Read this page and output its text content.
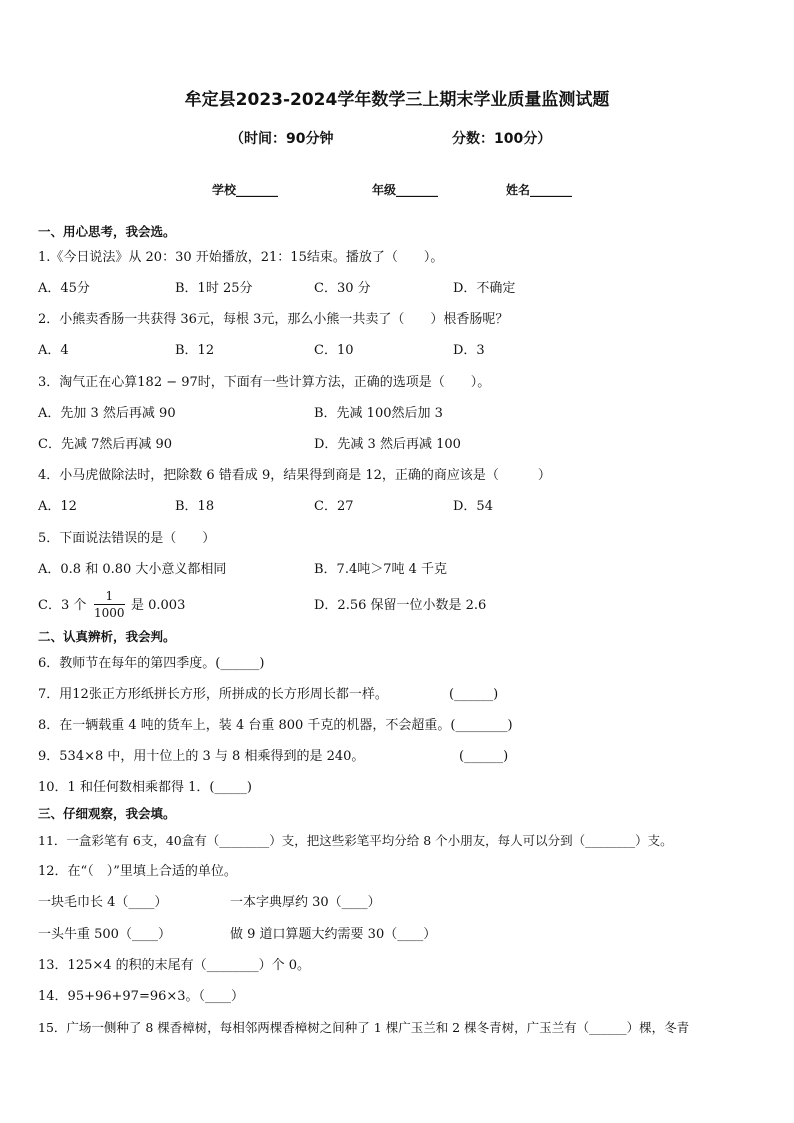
牟定县2023-2024学年数学三上期末学业质量监测试题
（时间：90分钟	分数：100分）
学校_______	年级_______	姓名_______
一、用心思考，我会选。
1.《今日说法》从 20：30 开始播放，21：15结束。播放了（　　）。
A．45分	B．1时 25分	C．30 分	D．不确定
2．小熊卖香肠一共获得 36元，每根 3元，那么小熊一共卖了（　　）根香肠呢？
A．4	B．12	C．10	D．3
3．淘气正在心算182 − 97时，下面有一些计算方法，正确的选项是（　　）。
A．先加 3 然后再减 90	B．先减 100然后加 3
C．先减 7然后再减 90	D．先减 3 然后再减 100
4．小马虎做除法时，把除数 6 错看成 9，结果得到商是 12，正确的商应该是（　　　）
A．12	B．18	C．27	D．54
5．下面说法错误的是（　　）
A．0.8 和 0.80 大小意义都相同	B．7.4吨＞7吨 4 千克
C．3 个
1
1000 是 0.003	D．2.56 保留一位小数是 2.6
二、认真辨析，我会判。
6．教师节在每年的第四季度。(______)
7．用12张正方形纸拼长方形，所拼成的长方形周长都一样。	(______)
8．在一辆载重 4 吨的货车上，装 4 台重 800 千克的机器，不会超重。(________)
9．534×8 中，用十位上的 3 与 8 相乘得到的是 240。	(______)
10．1 和任何数相乘都得 1．(_____)
三、仔细观察，我会填。
11．一盒彩笔有 6支，40盒有（________）支，把这些彩笔平均分给 8 个小朋友，每人可以分到（________）支。
12．在“（　）”里填上合适的单位。
一块毛巾长 4（____）	一本字典厚约 30（____）
一头牛重 500（____）	做 9 道口算题大约需要 30（____）
13．125×4 的积的末尾有（________）个 0。
14．95+96+97=96×3。（____）
15．广场一侧种了 8 棵香樟树，每相邻两棵香樟树之间种了 1 棵广玉兰和 2 棵冬青树，广玉兰有（______）棵，冬青
